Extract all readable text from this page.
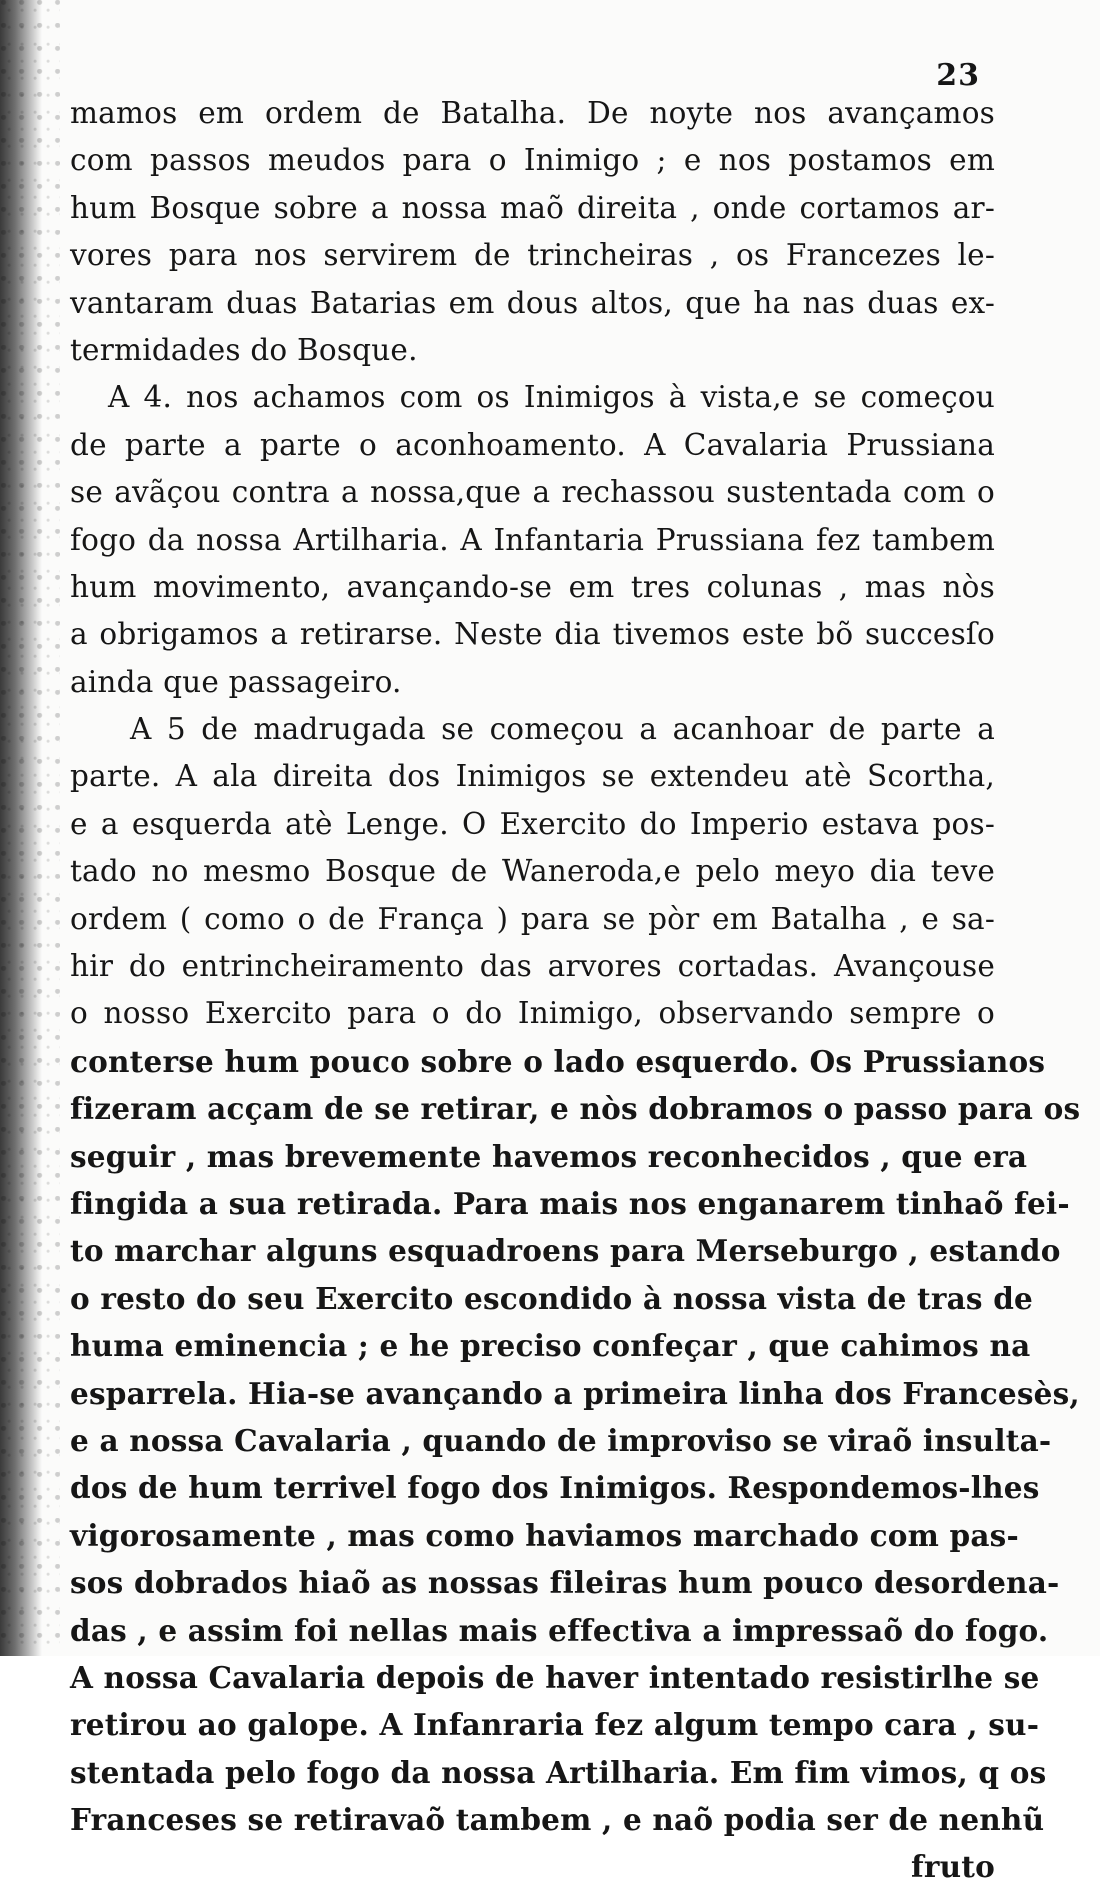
23
mamos em ordem de Batalha. De noyte nos avançamos
com passos meudos para o Inimigo ; e nos postamos em
hum Bosque sobre a nossa maõ direita , onde cortamos ar-
vores para nos servirem de trincheiras , os Francezes le-
vantaram duas Batarias em dous altos, que ha nas duas ex-
termidades do Bosque.
A 4. nos achamos com os Inimigos à vista,e se começou
de parte a parte o aconhoamento. A Cavalaria Prussiana
se avãçou contra a nossa,que a rechassou sustentada com o
fogo da nossa Artilharia. A Infantaria Prussiana fez tambem
hum movimento, avançando-se em tres colunas , mas nòs
a obrigamos a retirarse. Neste dia tivemos este bõ succesſo
ainda que passageiro.
A 5 de madrugada se começou a acanhoar de parte a
parte. A ala direita dos Inimigos se extendeu atè Scortha,
e a esquerda atè Lenge. O Exercito do Imperio estava pos-
tado no mesmo Bosque de Waneroda,e pelo meyo dia teve
ordem ( como o de França ) para se pòr em Batalha , e sa-
hir do entrincheiramento das arvores cortadas. Avançouse
o nosso Exercito para o do Inimigo, observando sempre o
conterse hum pouco sobre o lado esquerdo. Os Prussianos
fizeram acçam de se retirar, e nòs dobramos o passo para os
seguir , mas brevemente havemos reconhecidos , que era
fingida a sua retirada. Para mais nos enganarem tinhaõ fei-
to marchar alguns esquadroens para Merseburgo , estando
o resto do seu Exercito escondido à nossa vista de tras de
huma eminencia ; e he preciso confeçar , que cahimos na
esparrela. Hia-se avançando a primeira linha dos Francesès,
e a nossa Cavalaria , quando de improviso se viraõ insulta-
dos de hum terrivel fogo dos Inimigos. Respondemos-lhes
vigorosamente , mas como haviamos marchado com pas-
sos dobrados hiaõ as nossas fileiras hum pouco desordena-
das , e assim foi nellas mais effectiva a impressaõ do fogo.
A nossa Cavalaria depois de haver intentado resistirlhe se
retirou ao galope. A Infanraria fez algum tempo cara , su-
stentada pelo fogo da nossa Artilharia. Em fim vimos, q os
Franceses se retiravaõ tambem , e naõ podia ser de nenhũ
fruto
